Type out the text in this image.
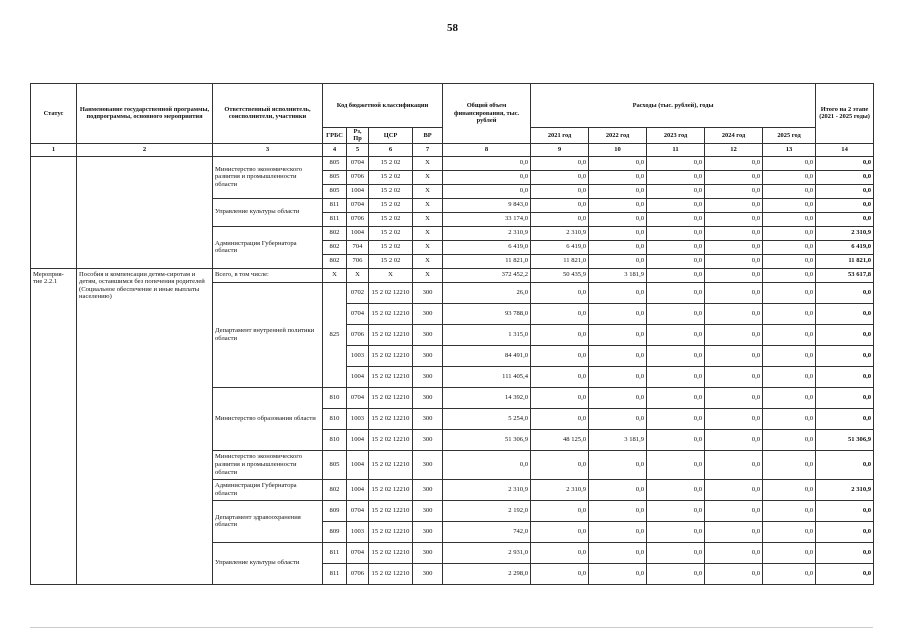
58
Статус	Наименование государственной программы, подпрограммы, основного мероприятия	Ответственный исполнитель, соисполнители, участники	Код бюджетной классификации				Общий объем финансирования, тыс. рублей	Расходы (тыс. рублей), годы					Итого на 2 этапе (2021 - 2025 годы)
			ГРБС	Рз, Пр	ЦСР	ВР		2021 год	2022 год	2023 год	2024 год	2025 год	
1	2	3	4	5	6	7	8	9	10	11	12	13	14
		Министерство экономического развития и промышленности области	805	0704	15 2 02	X	0,0	0,0	0,0	0,0	0,0	0,0	0,0
			805	0706	15 2 02	X	0,0	0,0	0,0	0,0	0,0	0,0	0,0
			805	1004	15 2 02	X	0,0	0,0	0,0	0,0	0,0	0,0	0,0
		Управление культуры области	811	0704	15 2 02	X	9 843,0	0,0	0,0	0,0	0,0	0,0	0,0
			811	0706	15 2 02	X	33 174,0	0,0	0,0	0,0	0,0	0,0	0,0
		Администрация Губернатора области	802	1004	15 2 02	X	2 310,9	2 310,9	0,0	0,0	0,0	0,0	2 310,9
			802	704	15 2 02	X	6 419,0	6 419,0	0,0	0,0	0,0	0,0	6 419,0
			802	706	15 2 02	X	11 821,0	11 821,0	0,0	0,0	0,0	0,0	11 821,0
Мероприя- тие 2.2.1	Пособия и компенсации детям-сиротам и детям, оставшимся без попечения родителей (Социальное обеспечение и иные выплаты населению)	Всего, в том числе:	X	X	X	X	372 452,2	50 435,9	3 181,9	0,0	0,0	0,0	53 617,8
		Департамент внутренней политики области	825	0702	15 2 02 12210	300	26,0	0,0	0,0	0,0	0,0	0,0	0,0
				0704	15 2 02 12210	300	93 788,0	0,0	0,0	0,0	0,0	0,0	0,0
				0706	15 2 02 12210	300	1 315,0	0,0	0,0	0,0	0,0	0,0	0,0
				1003	15 2 02 12210	300	84 491,0	0,0	0,0	0,0	0,0	0,0	0,0
				1004	15 2 02 12210	300	111 405,4	0,0	0,0	0,0	0,0	0,0	0,0
		Министерство образования области	810	0704	15 2 02 12210	300	14 392,0	0,0	0,0	0,0	0,0	0,0	0,0
			810	1003	15 2 02 12210	300	5 254,0	0,0	0,0	0,0	0,0	0,0	0,0
			810	1004	15 2 02 12210	300	51 306,9	48 125,0	3 181,9	0,0	0,0	0,0	51 306,9
		Министерство экономического развития и промышленности области	805	1004	15 2 02 12210	300	0,0	0,0	0,0	0,0	0,0	0,0	0,0
		Администрация Губернатора области	802	1004	15 2 02 12210	300	2 310,9	2 310,9	0,0	0,0	0,0	0,0	2 310,9
		Департамент здравоохранения области	809	0704	15 2 02 12210	300	2 192,0	0,0	0,0	0,0	0,0	0,0	0,0
			809	1003	15 2 02 12210	300	742,0	0,0	0,0	0,0	0,0	0,0	0,0
		Управление культуры области	811	0704	15 2 02 12210	300	2 931,0	0,0	0,0	0,0	0,0	0,0	0,0
			811	0706	15 2 02 12210	300	2 298,0	0,0	0,0	0,0	0,0	0,0	0,0
